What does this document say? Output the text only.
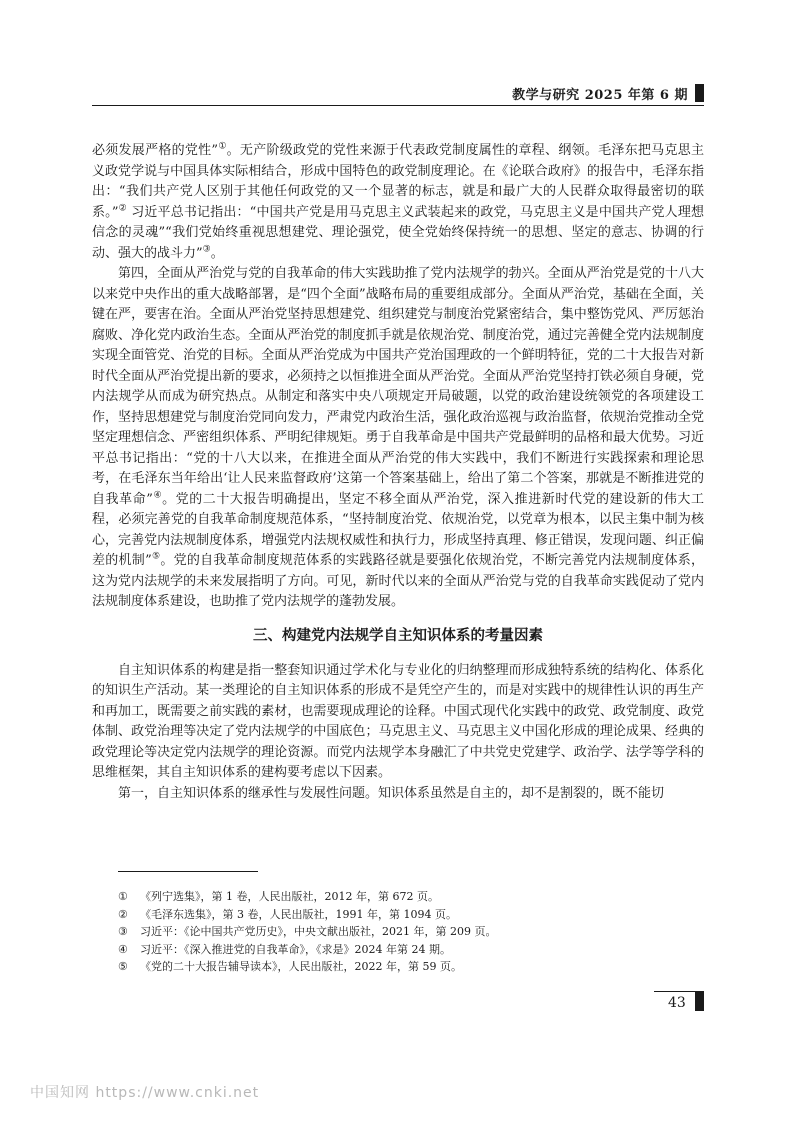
教学与研究 2025 年第 6 期

必须发展严格的党性”①。无产阶级政党的党性来源于代表政党制度属性的章程、纲领。毛泽东把马克思主义政党学说与中国具体实际相结合，形成中国特色的政党制度理论。在《论联合政府》的报告中，毛泽东指出：“我们共产党人区别于其他任何政党的又一个显著的标志，就是和最广大的人民群众取得最密切的联系。”② 习近平总书记指出：“中国共产党是用马克思主义武装起来的政党，马克思主义是中国共产党人理想信念的灵魂”“我们党始终重视思想建党、理论强党，使全党始终保持统一的思想、坚定的意志、协调的行动、强大的战斗力”③。

第四，全面从严治党与党的自我革命的伟大实践助推了党内法规学的勃兴。全面从严治党是党的十八大以来党中央作出的重大战略部署，是“四个全面”战略布局的重要组成部分。全面从严治党，基础在全面，关键在严，要害在治。全面从严治党坚持思想建党、组织建党与制度治党紧密结合，集中整饬党风、严厉惩治腐败、净化党内政治生态。全面从严治党的制度抓手就是依规治党、制度治党，通过完善健全党内法规制度实现全面管党、治党的目标。全面从严治党成为中国共产党治国理政的一个鲜明特征，党的二十大报告对新时代全面从严治党提出新的要求，必须持之以恒推进全面从严治党。全面从严治党坚持打铁必须自身硬，党内法规学从而成为研究热点。从制定和落实中央八项规定开局破题，以党的政治建设统领党的各项建设工作，坚持思想建党与制度治党同向发力，严肃党内政治生活，强化政治巡视与政治监督，依规治党推动全党坚定理想信念、严密组织体系、严明纪律规矩。勇于自我革命是中国共产党最鲜明的品格和最大优势。习近平总书记指出：“党的十八大以来，在推进全面从严治党的伟大实践中，我们不断进行实践探索和理论思考，在毛泽东当年给出‘让人民来监督政府’这第一个答案基础上，给出了第二个答案，那就是不断推进党的自我革命”④。党的二十大报告明确提出，坚定不移全面从严治党，深入推进新时代党的建设新的伟大工程，必须完善党的自我革命制度规范体系，“坚持制度治党、依规治党，以党章为根本，以民主集中制为核心，完善党内法规制度体系，增强党内法规权威性和执行力，形成坚持真理、修正错误，发现问题、纠正偏差的机制”⑤。党的自我革命制度规范体系的实践路径就是要强化依规治党，不断完善党内法规制度体系，这为党内法规学的未来发展指明了方向。可见，新时代以来的全面从严治党与党的自我革命实践促动了党内法规制度体系建设，也助推了党内法规学的蓬勃发展。

三、构建党内法规学自主知识体系的考量因素

自主知识体系的构建是指一整套知识通过学术化与专业化的归纳整理而形成独特系统的结构化、体系化的知识生产活动。某一类理论的自主知识体系的形成不是凭空产生的，而是对实践中的规律性认识的再生产和再加工，既需要之前实践的素材，也需要现成理论的诠释。中国式现代化实践中的政党、政党制度、政党体制、政党治理等决定了党内法规学的中国底色；马克思主义、马克思主义中国化形成的理论成果、经典的政党理论等决定党内法规学的理论资源。而党内法规学本身融汇了中共党史党建学、政治学、法学等学科的思维框架，其自主知识体系的建构要考虑以下因素。

第一，自主知识体系的继承性与发展性问题。知识体系虽然是自主的，却不是割裂的，既不能切

① 《列宁选集》，第 1 卷，人民出版社，2012 年，第 672 页。
② 《毛泽东选集》，第 3 卷，人民出版社，1991 年，第 1094 页。
③ 习近平：《论中国共产党历史》，中央文献出版社，2021 年，第 209 页。
④ 习近平：《深入推进党的自我革命》，《求是》2024 年第 24 期。
⑤ 《党的二十大报告辅导读本》，人民出版社，2022 年，第 59 页。
43
中国知网 https://www.cnki.net
